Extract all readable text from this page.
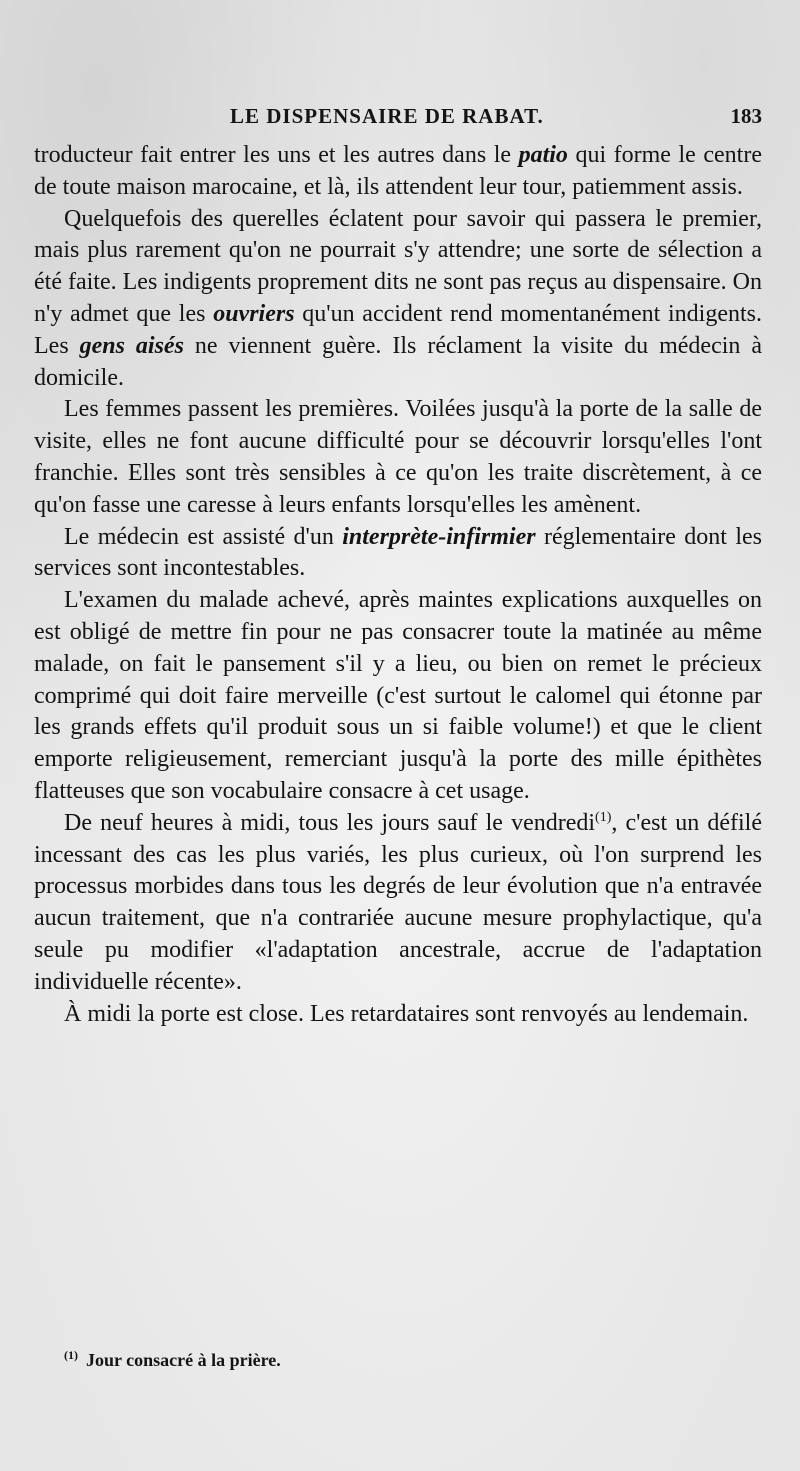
LE DISPENSAIRE DE RABAT.	183

troducteur fait entrer les uns et les autres dans le patio qui forme le centre de toute maison marocaine, et là, ils attendent leur tour, patiemment assis.

Quelquefois des querelles éclatent pour savoir qui passera le premier, mais plus rarement qu'on ne pourrait s'y attendre; une sorte de sélection a été faite. Les indigents proprement dits ne sont pas reçus au dispensaire. On n'y admet que les ouvriers qu'un accident rend momentanément indigents. Les gens aisés ne viennent guère. Ils réclament la visite du médecin à domicile.

Les femmes passent les premières. Voilées jusqu'à la porte de la salle de visite, elles ne font aucune difficulté pour se découvrir lorsqu'elles l'ont franchie. Elles sont très sensibles à ce qu'on les traite discrètement, à ce qu'on fasse une caresse à leurs enfants lorsqu'elles les amènent.

Le médecin est assisté d'un interprète-infirmier réglementaire dont les services sont incontestables.

L'examen du malade achevé, après maintes explications auxquelles on est obligé de mettre fin pour ne pas consacrer toute la matinée au même malade, on fait le pansement s'il y a lieu, ou bien on remet le précieux comprimé qui doit faire merveille (c'est surtout le calomel qui étonne par les grands effets qu'il produit sous un si faible volume!) et que le client emporte religieusement, remerciant jusqu'à la porte des mille épithètes flatteuses que son vocabulaire consacre à cet usage.

De neuf heures à midi, tous les jours sauf le vendredi$^{(1)}$, c'est un défilé incessant des cas les plus variés, les plus curieux, où l'on surprend les processus morbides dans tous les degrés de leur évolution que n'a entravée aucun traitement, que n'a contrariée aucune mesure prophylactique, qu'a seule pu modifier «l'adaptation ancestrale, accrue de l'adaptation individuelle récente».

À midi la porte est close. Les retardataires sont renvoyés au lendemain.

$^{(1)}$ Jour consacré à la prière.
